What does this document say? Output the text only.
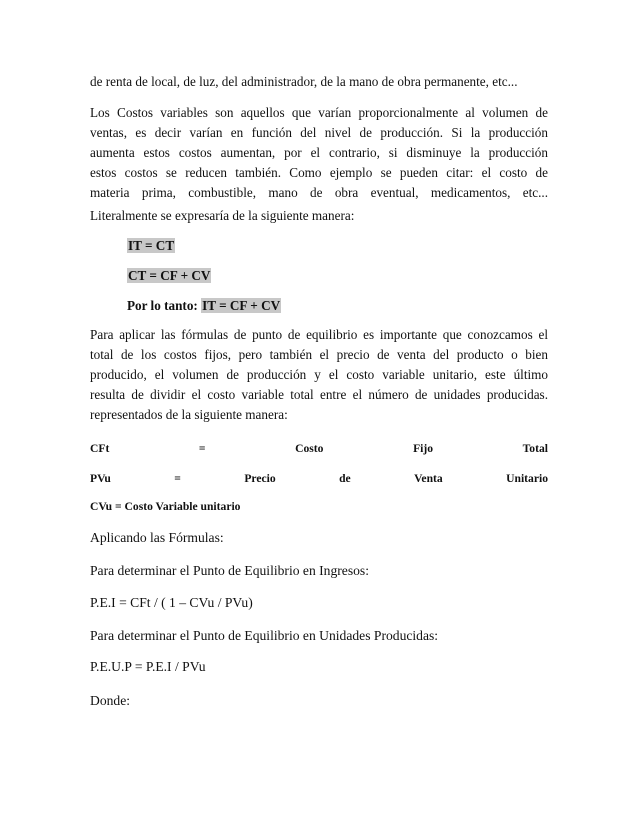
de renta de local, de luz, del administrador, de la mano de obra permanente, etc...

Los Costos variables son aquellos que varían proporcionalmente al volumen de
ventas, es decir varían en función del nivel de producción. Si la producción
aumenta estos costos aumentan, por el contrario, si disminuye la producción
estos costos se reducen también. Como ejemplo se pueden citar: el costo de
materia prima, combustible, mano de obra eventual, medicamentos, etc...

Literalmente se expresaría de la siguiente manera:

IT = CT
CT = CF + CV
Por lo tanto: IT = CF + CV

Para aplicar las fórmulas de punto de equilibrio es importante que conozcamos el
total de los costos fijos, pero también el precio de venta del producto o bien
producido, el volumen de producción y el costo variable unitario, este último
resulta de dividir el costo variable total entre el número de unidades producidas.
representados de la siguiente manera:

CFt	=	Costo	Fijo	Total
PVu	=	Precio	de	Venta	Unitario
CVu = Costo Variable unitario
Aplicando las Fórmulas:
Para determinar el Punto de Equilibrio en Ingresos:
P.E.I = CFt / ( 1 – CVu / PVu)
Para determinar el Punto de Equilibrio en Unidades Producidas:
P.E.U.P = P.E.I / PVu
Donde:
